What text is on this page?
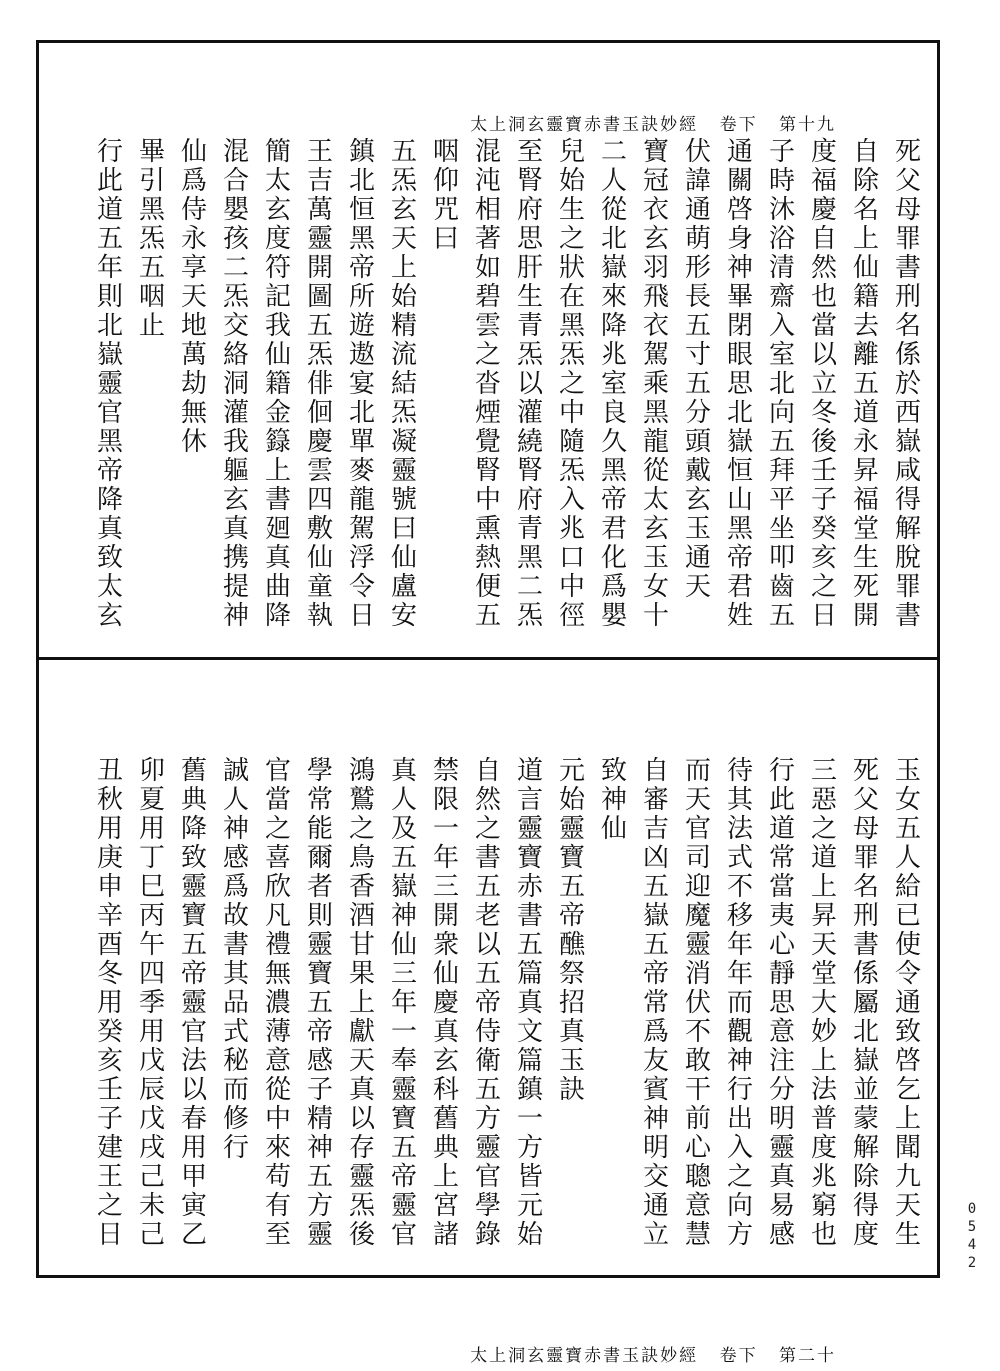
太上洞玄靈寶赤書玉訣妙經 卷下 第十九
死
父
母
罪
書
刑
名
係
於
西
嶽
咸
得
解
脫
罪
書
自
除
名
上
仙
籍
去
離
五
道
永
昇
福
堂
生
死
開
度
福
慶
自
然
也
當
以
立
冬
後
壬
子
癸
亥
之
日
子
時
沐
浴
清
齋
入
室
北
向
五
拜
平
坐
叩
齒
五
通
關
啓
身
神
畢
閉
眼
思
北
嶽
恒
山
黑
帝
君
姓
伏
諱
通
萌
形
長
五
寸
五
分
頭
戴
玄
玉
通
天
寶
冠
衣
玄
羽
飛
衣
駕
乘
黑
龍
從
太
玄
玉
女
十
二
人
從
北
嶽
來
降
兆
室
良
久
黑
帝
君
化
爲
嬰
兒
始
生
之
狀
在
黑
炁
之
中
隨
炁
入
兆
口
中
徑
至
腎
府
思
肝
生
青
炁
以
灌
繞
腎
府
青
黑
二
炁
混
沌
相
著
如
碧
雲
之
沓
煙
覺
腎
中
熏
熱
便
五
咽
仰
咒
曰
五
炁
玄
天
上
始
精
流
結
炁
凝
靈
號
曰
仙
盧
安
鎮
北
恒
黑
帝
所
遊
遨
宴
北
單
麥
龍
駕
浮
令
日
王
吉
萬
靈
開
圖
五
炁
俳
佪
慶
雲
四
敷
仙
童
執
簡
太
玄
度
符
記
我
仙
籍
金
籙
上
書
廻
真
曲
降
混
合
嬰
孩
二
炁
交
絡
洞
灌
我
軀
玄
真
携
提
神
仙
爲
侍
永
享
天
地
萬
劫
無
休
畢
引
黑
炁
五
咽
止
行
此
道
五
年
則
北
嶽
靈
官
黑
帝
降
真
致
太
玄
太上洞玄靈寶赤書玉訣妙經 卷下 第二十
玉
女
五
人
給
已
使
令
通
致
啓
乞
上
聞
九
天
生
死
父
母
罪
名
刑
書
係
屬
北
嶽
並
蒙
解
除
得
度
三
惡
之
道
上
昇
天
堂
大
妙
上
法
普
度
兆
窮
也
行
此
道
常
當
夷
心
靜
思
意
注
分
明
靈
真
易
感
待
其
法
式
不
移
年
年
而
觀
神
行
出
入
之
向
方
而
天
官
司
迎
魔
靈
消
伏
不
敢
干
前
心
聰
意
慧
自
審
吉
凶
五
嶽
五
帝
常
爲
友
賓
神
明
交
通
立
致
神
仙
元
始
靈
寶
五
帝
醮
祭
招
真
玉
訣
道
言
靈
寶
赤
書
五
篇
真
文
篇
鎮
一
方
皆
元
始
自
然
之
書
五
老
以
五
帝
侍
衛
五
方
靈
官
學
錄
禁
限
一
年
三
開
衆
仙
慶
真
玄
科
舊
典
上
宮
諸
真
人
及
五
嶽
神
仙
三
年
一
奉
靈
寶
五
帝
靈
官
鴻
鷲
之
鳥
香
酒
甘
果
上
獻
天
真
以
存
靈
炁
後
學
常
能
爾
者
則
靈
寶
五
帝
感
子
精
神
五
方
靈
官
當
之
喜
欣
凡
禮
無
濃
薄
意
從
中
來
苟
有
至
誠
人
神
感
爲
故
書
其
品
式
秘
而
修
行
舊
典
降
致
靈
寶
五
帝
靈
官
法
以
春
用
甲
寅
乙
卯
夏
用
丁
巳
丙
午
四
季
用
戊
辰
戊
戌
己
未
己
丑
秋
用
庚
申
辛
酉
冬
用
癸
亥
壬
子
建
王
之
日
0
5
4
2
